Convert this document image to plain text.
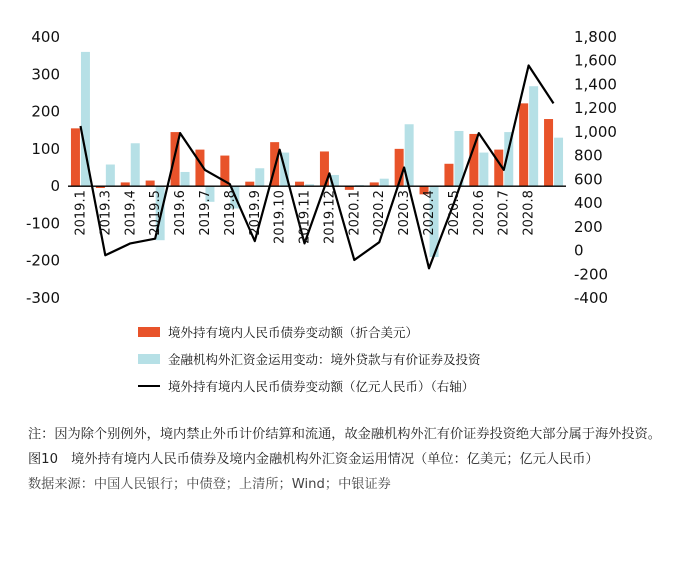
400
300
200
100
0
-100
-200
-300
1,800
1,600
1,400
1,200
1,000
800
600
400
200
0
-200
-400
2019.1 2019.3 2019.4 2019.5 2019.6 2019.7 2019.8 2019.9 2019.10 2019.11 2019.12 2020.1 2020.2 2020.3 2020.4 2020.5 2020.6 2020.7 2020.8
境外持有境内人民币债券变动额（折合美元）
金融机构外汇资金运用变动：境外贷款与有价证券及投资
境外持有境内人民币债券变动额（亿元人民币）（右轴）

注：因为除个别例外，境内禁止外币计价结算和流通，故金融机构外汇有价证券投资绝大部分属于海外投资。

图10　境外持有境内人民币债券及境内金融机构外汇资金运用情况（单位：亿美元；亿元人民币）

数据来源：中国人民银行；中债登；上清所；Wind；中银证券
